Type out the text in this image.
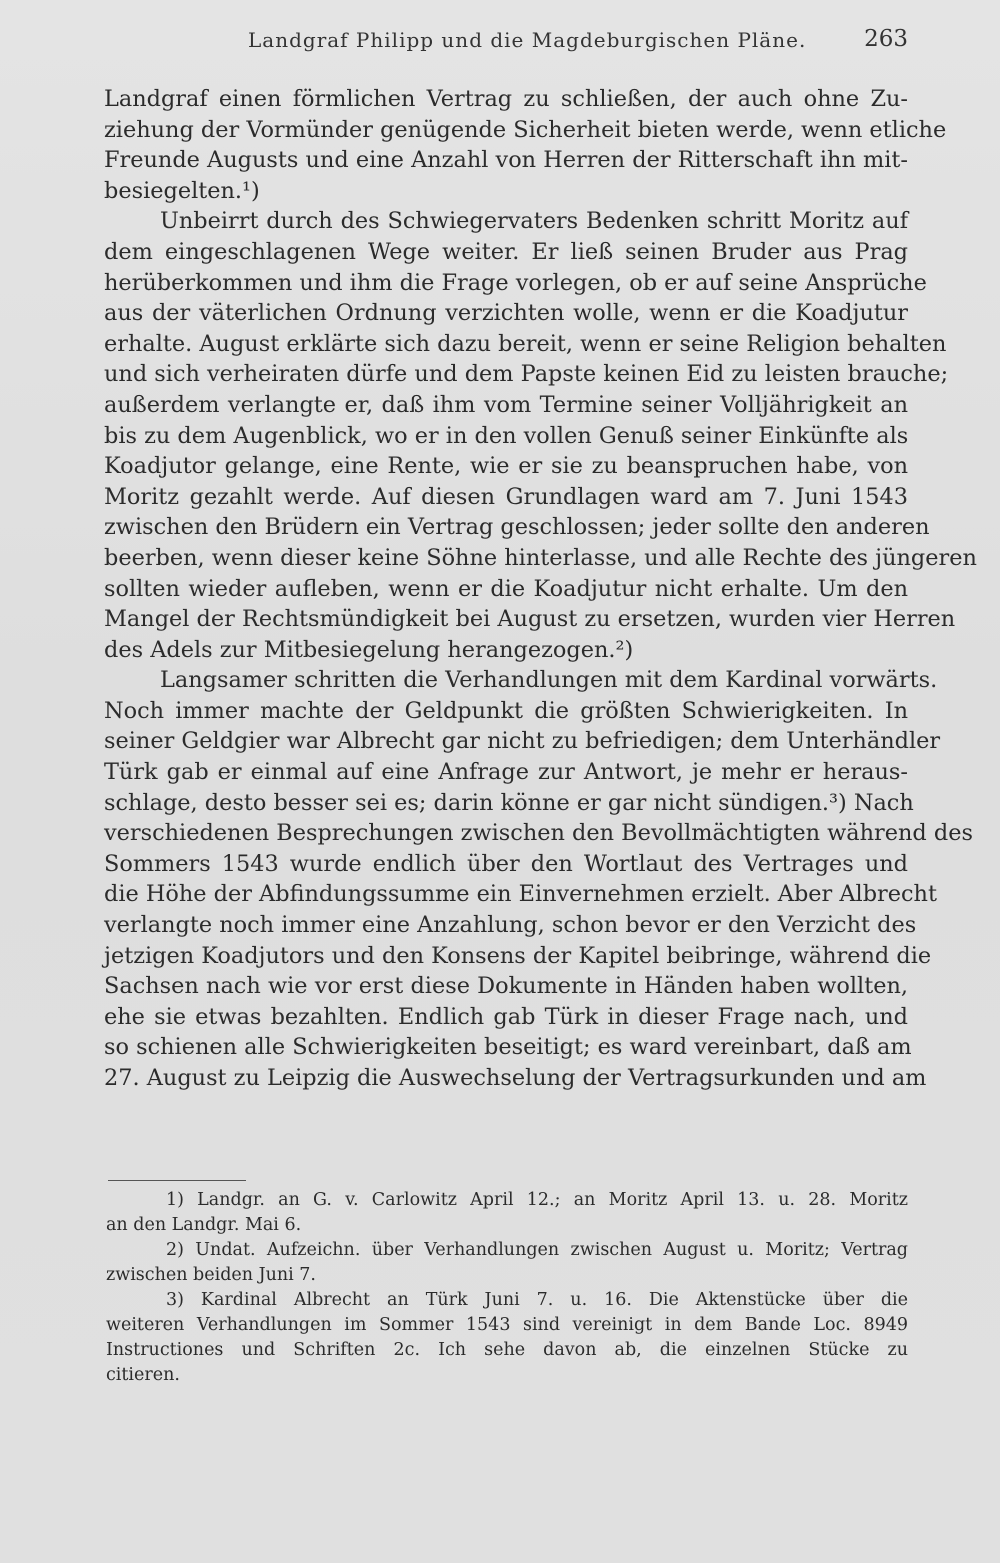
Landgraf Philipp und die Magdeburgischen Pläne.	263
Landgraf einen förmlichen Vertrag zu schließen, der auch ohne Zu-
ziehung der Vormünder genügende Sicherheit bieten werde, wenn etliche
Freunde Augusts und eine Anzahl von Herren der Ritterschaft ihn mit-
besiegelten.¹)
Unbeirrt durch des Schwiegervaters Bedenken schritt Moritz auf
dem eingeschlagenen Wege weiter. Er ließ seinen Bruder aus Prag
herüberkommen und ihm die Frage vorlegen, ob er auf seine Ansprüche
aus der väterlichen Ordnung verzichten wolle, wenn er die Koadjutur
erhalte. August erklärte sich dazu bereit, wenn er seine Religion behalten
und sich verheiraten dürfe und dem Papste keinen Eid zu leisten brauche;
außerdem verlangte er, daß ihm vom Termine seiner Volljährigkeit an
bis zu dem Augenblick, wo er in den vollen Genuß seiner Einkünfte als
Koadjutor gelange, eine Rente, wie er sie zu beanspruchen habe, von
Moritz gezahlt werde. Auf diesen Grundlagen ward am 7. Juni 1543
zwischen den Brüdern ein Vertrag geschlossen; jeder sollte den anderen
beerben, wenn dieser keine Söhne hinterlasse, und alle Rechte des jüngeren
sollten wieder aufleben, wenn er die Koadjutur nicht erhalte. Um den
Mangel der Rechtsmündigkeit bei August zu ersetzen, wurden vier Herren
des Adels zur Mitbesiegelung herangezogen.²)
Langsamer schritten die Verhandlungen mit dem Kardinal vorwärts.
Noch immer machte der Geldpunkt die größten Schwierigkeiten. In
seiner Geldgier war Albrecht gar nicht zu befriedigen; dem Unterhändler
Türk gab er einmal auf eine Anfrage zur Antwort, je mehr er heraus-
schlage, desto besser sei es; darin könne er gar nicht sündigen.³) Nach
verschiedenen Besprechungen zwischen den Bevollmächtigten während des
Sommers 1543 wurde endlich über den Wortlaut des Vertrages und
die Höhe der Abfindungssumme ein Einvernehmen erzielt. Aber Albrecht
verlangte noch immer eine Anzahlung, schon bevor er den Verzicht des
jetzigen Koadjutors und den Konsens der Kapitel beibringe, während die
Sachsen nach wie vor erst diese Dokumente in Händen haben wollten,
ehe sie etwas bezahlten. Endlich gab Türk in dieser Frage nach, und
so schienen alle Schwierigkeiten beseitigt; es ward vereinbart, daß am
27. August zu Leipzig die Auswechselung der Vertragsurkunden und am
1) Landgr. an G. v. Carlowitz April 12.; an Moritz April 13. u. 28. Moritz
an den Landgr. Mai 6.
2) Undat. Aufzeichn. über Verhandlungen zwischen August u. Moritz; Vertrag
zwischen beiden Juni 7.
3) Kardinal Albrecht an Türk Juni 7. u. 16. Die Aktenstücke über die
weiteren Verhandlungen im Sommer 1543 sind vereinigt in dem Bande Loc. 8949
Instructiones und Schriften 2c. Ich sehe davon ab, die einzelnen Stücke zu
citieren.
